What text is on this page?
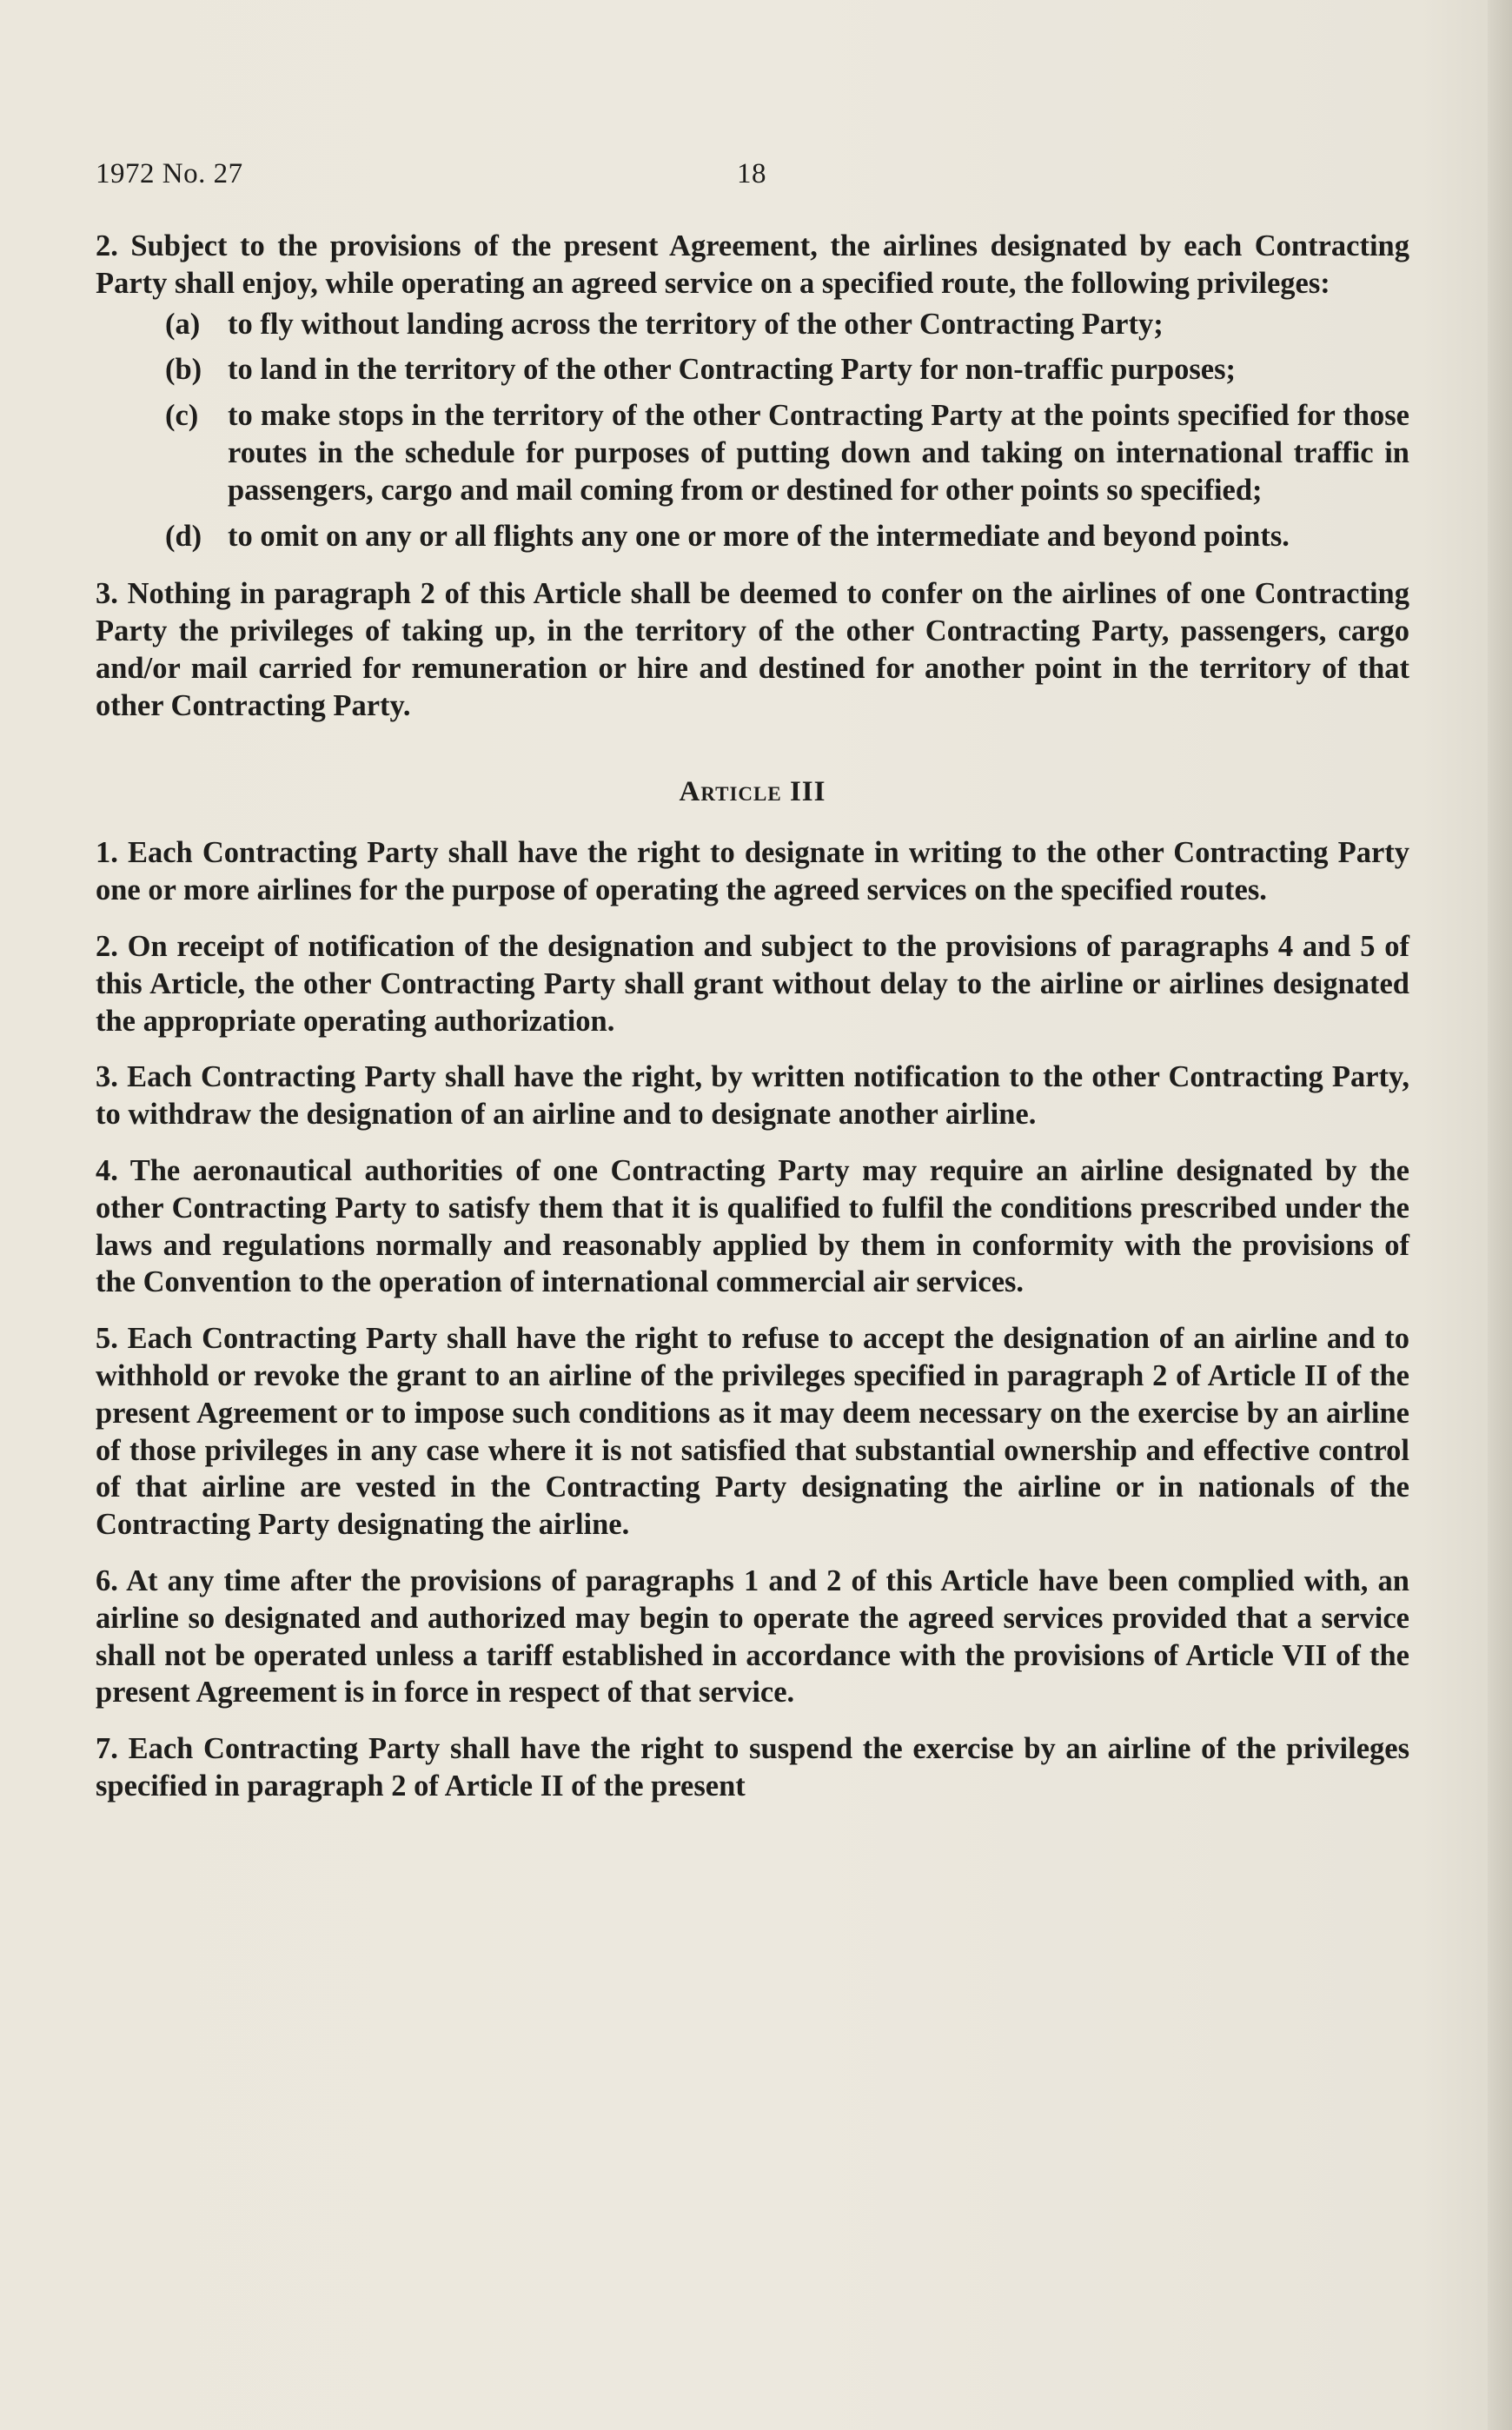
1972 No. 27	18

2. Subject to the provisions of the present Agreement, the airlines designated by each Contracting Party shall enjoy, while operating an agreed service on a specified route, the following privileges:

(a) to fly without landing across the territory of the other Contracting Party;
(b) to land in the territory of the other Contracting Party for non-traffic purposes;
(c) to make stops in the territory of the other Contracting Party at the points specified for those routes in the schedule for purposes of putting down and taking on international traffic in passengers, cargo and mail coming from or destined for other points so specified;
(d) to omit on any or all flights any one or more of the intermediate and beyond points.

3. Nothing in paragraph 2 of this Article shall be deemed to confer on the airlines of one Contracting Party the privileges of taking up, in the territory of the other Contracting Party, passengers, cargo and/or mail carried for remuneration or hire and destined for another point in the territory of that other Contracting Party.

Article III

1. Each Contracting Party shall have the right to designate in writing to the other Contracting Party one or more airlines for the purpose of operating the agreed services on the specified routes.

2. On receipt of notification of the designation and subject to the provisions of paragraphs 4 and 5 of this Article, the other Contracting Party shall grant without delay to the airline or airlines designated the appropriate operating authorization.

3. Each Contracting Party shall have the right, by written notification to the other Contracting Party, to withdraw the designation of an airline and to designate another airline.

4. The aeronautical authorities of one Contracting Party may require an airline designated by the other Contracting Party to satisfy them that it is qualified to fulfil the conditions prescribed under the laws and regulations normally and reasonably applied by them in conformity with the provisions of the Convention to the operation of international commercial air services.

5. Each Contracting Party shall have the right to refuse to accept the designation of an airline and to withhold or revoke the grant to an airline of the privileges specified in paragraph 2 of Article II of the present Agreement or to impose such conditions as it may deem necessary on the exercise by an airline of those privileges in any case where it is not satisfied that substantial ownership and effective control of that airline are vested in the Contracting Party designating the airline or in nationals of the Contracting Party designating the airline.

6. At any time after the provisions of paragraphs 1 and 2 of this Article have been complied with, an airline so designated and authorized may begin to operate the agreed services provided that a service shall not be operated unless a tariff established in accordance with the provisions of Article VII of the present Agreement is in force in respect of that service.

7. Each Contracting Party shall have the right to suspend the exercise by an airline of the privileges specified in paragraph 2 of Article II of the present
